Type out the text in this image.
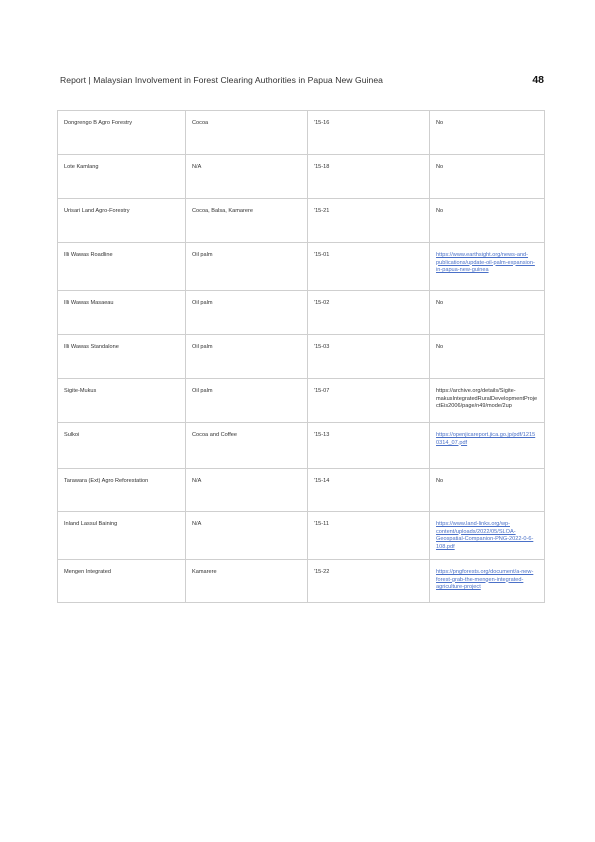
Report | Malaysian Involvement in Forest Clearing Authorities in Papua New Guinea	48
Dongrengo B Agro Forestry	Cocoa	'15-16	No
Lote Kamlang	N/A	'15-18	No
Urisari Land Agro-Forestry	Cocoa, Balsa, Kamarere	'15-21	No
Illi Wawas Roadline	Oil palm	'15-01	https://www.earthsight.org/news-and-publications/update-oil-palm-expansion-in-papua-new-guinea
Illi Wawas Masaeau	Oil palm	'15-02	No
Illi Wawas Standalone	Oil palm	'15-03	No
Sigite-Mukus	Oil palm	'15-07	https://archive.org/details/Sigite-makusIntegratedRuralDevelopmentProjectEis2006/page/n49/mode/2up
Sulkoi	Cocoa and Coffee	'15-13	https://openjicareport.jica.go.jp/pdf/12150314_07.pdf
Tarawara (Ext) Agro Reforestation	N/A	'15-14	No
Inland Lassul Baining	N/A	'15-11	https://www.land-links.org/wp-content/uploads/2022/05/SLOA-Geospatial-Companion-PNG-2022-0-6-108.pdf
Mengen Integrated	Kamarere	'15-22	https://pngforests.org/document/a-new-forest-grab-the-mengen-integrated-agriculture-project
